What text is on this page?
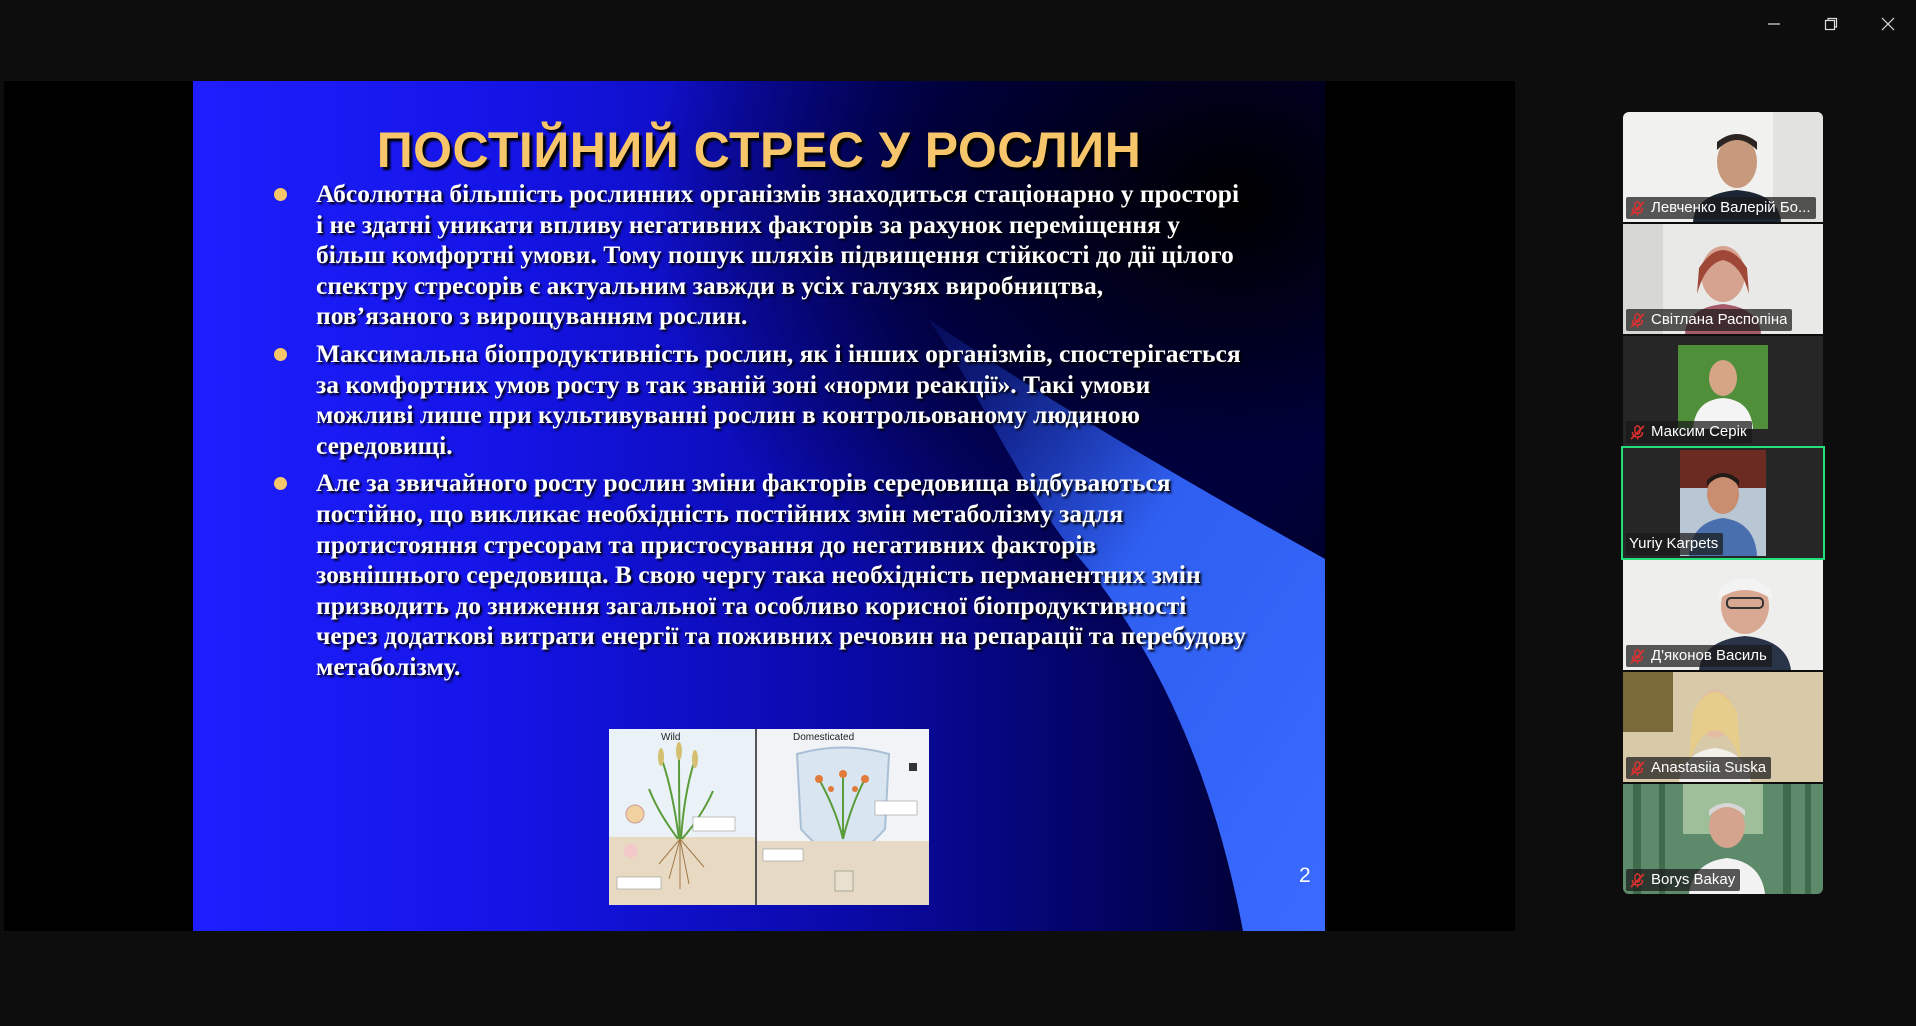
ПОСТІЙНИЙ СТРЕС У РОСЛИН
Абсолютна більшість рослинних організмів знаходиться стаціонарно у просторі і не здатні уникати впливу негативних факторів за рахунок переміщення у більш комфортні умови. Тому пошук шляхів підвищення стійкості до дії цілого спектру стресорів є актуальним завжди в усіх галузях виробництва, пов’язаного з вирощуванням рослин.
Максимальна біопродуктивність рослин, як і інших організмів, спостерігається за комфортних умов росту в так званій зоні «норми реакції». Такі умови можливі лише при культивуванні рослин в контрольованому людиною середовищі.
Але за звичайного росту рослин зміни факторів середовища відбуваються постійно, що викликає необхідність постійних змін метаболізму задля протистояння стресорам та пристосування до негативних факторів зовнішнього середовища. В свою чергу така необхідність перманентних змін призводить до зниження загальної та особливо корисної біопродуктивності через додаткові витрати енергії та поживних речовин на репарації та перебудову метаболізму.
Wild	Domesticated
2
Левченко Валерій Бо...
Світлана Распопіна
Максим Серік
Yuriy Karpets
Д'яконов Василь
Anastasiia Suska
Borys Bakay
